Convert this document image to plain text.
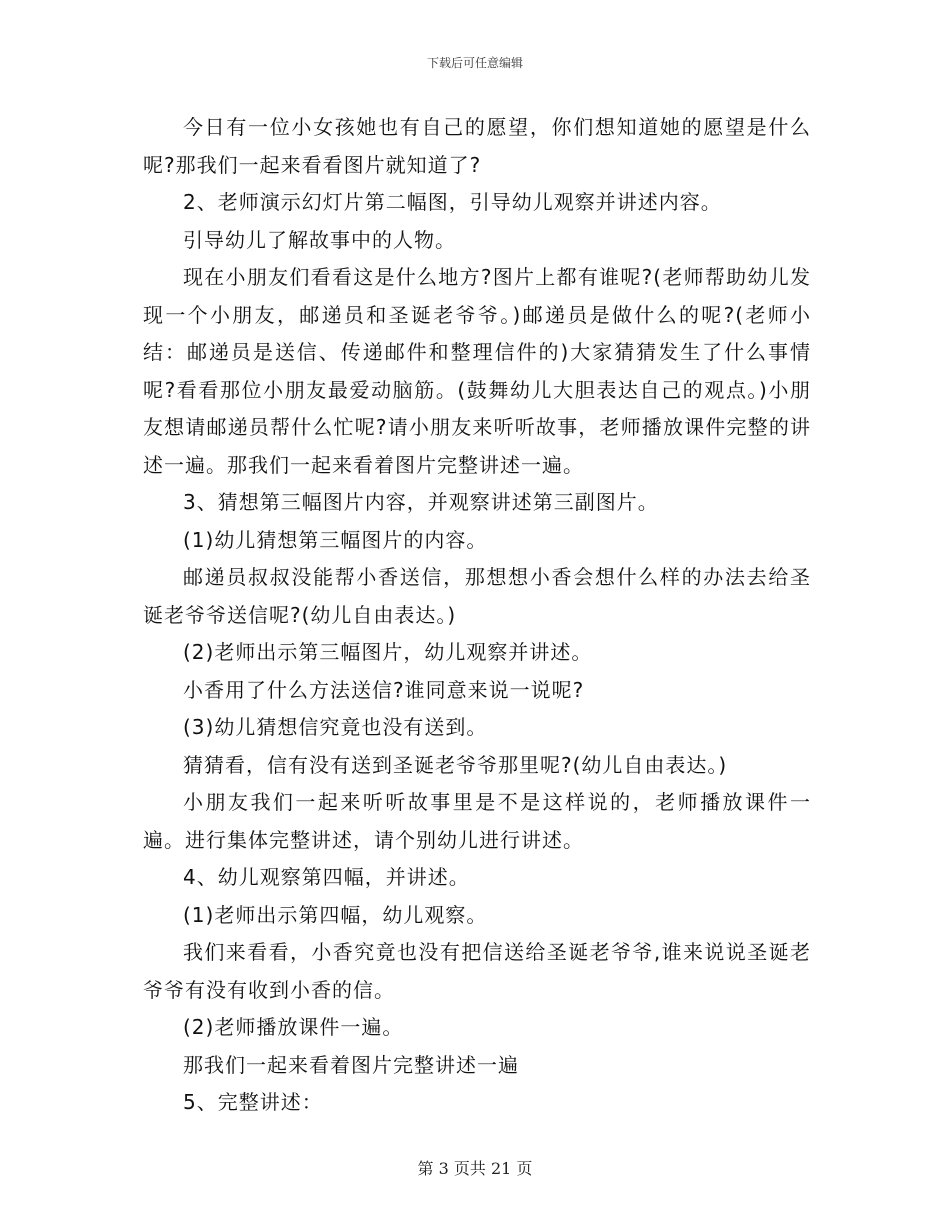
下载后可任意编辑

今日有一位小女孩她也有自己的愿望，你们想知道她的愿望是什么呢?那我们一起来看看图片就知道了?

2、老师演示幻灯片第二幅图，引导幼儿观察并讲述内容。

引导幼儿了解故事中的人物。

现在小朋友们看看这是什么地方?图片上都有谁呢?(老师帮助幼儿发现一个小朋友，邮递员和圣诞老爷爷。)邮递员是做什么的呢?(老师小结：邮递员是送信、传递邮件和整理信件的)大家猜猜发生了什么事情呢?看看那位小朋友最爱动脑筋。(鼓舞幼儿大胆表达自己的观点。)小朋友想请邮递员帮什么忙呢?请小朋友来听听故事，老师播放课件完整的讲述一遍。那我们一起来看着图片完整讲述一遍。

3、猜想第三幅图片内容，并观察讲述第三副图片。

(1)幼儿猜想第三幅图片的内容。

邮递员叔叔没能帮小香送信，那想想小香会想什么样的办法去给圣诞老爷爷送信呢?(幼儿自由表达。)

(2)老师出示第三幅图片，幼儿观察并讲述。

小香用了什么方法送信?谁同意来说一说呢?

(3)幼儿猜想信究竟也没有送到。

猜猜看，信有没有送到圣诞老爷爷那里呢?(幼儿自由表达。)

小朋友我们一起来听听故事里是不是这样说的，老师播放课件一遍。进行集体完整讲述，请个别幼儿进行讲述。

4、幼儿观察第四幅，并讲述。

(1)老师出示第四幅，幼儿观察。

我们来看看，小香究竟也没有把信送给圣诞老爷爷,谁来说说圣诞老爷爷有没有收到小香的信。

(2)老师播放课件一遍。

那我们一起来看着图片完整讲述一遍

5、完整讲述：

第 3 页共 21 页
